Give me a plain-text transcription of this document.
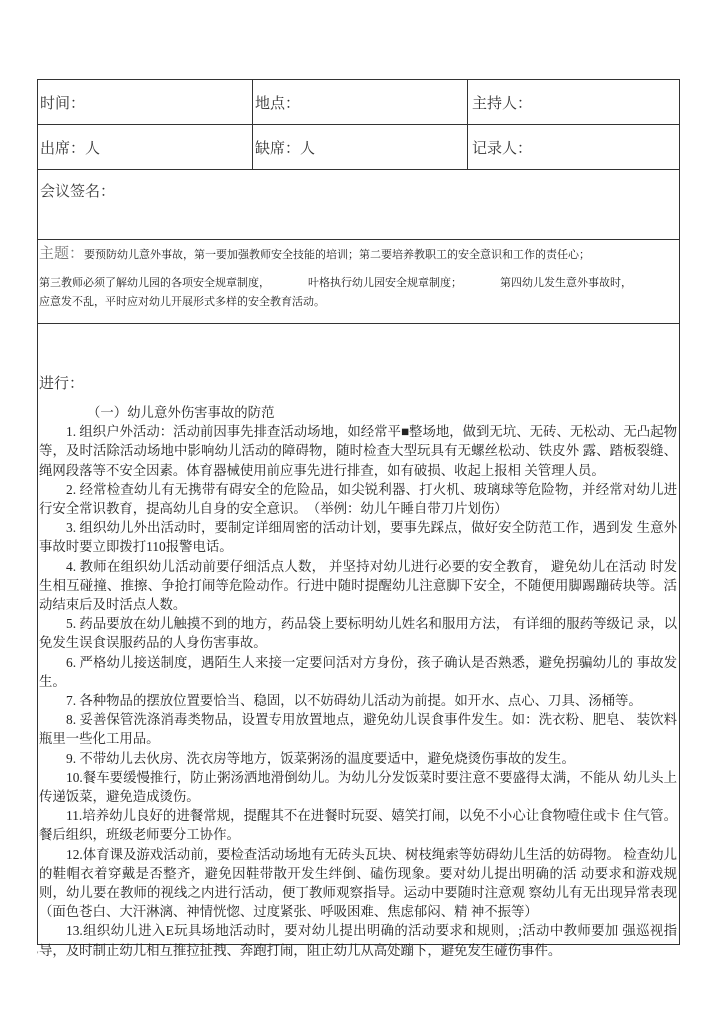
时间：	地点：	主持人：
出席：人	缺席：人	记录人：
会议签名：

主题：要预防幼儿意外事故，第一要加强教师安全技能的培训；第二要培养教职工的安全意识和工作的责任心；

第三教师必须了解幼儿园的各项安全规章制度，	叶格执行幼儿园安全规章制度；	第四幼儿发生意外事故时，应意发不乱，平时应对幼儿开展形式多样的安全教育活动。

进行：

（一）幼儿意外伤害事故的防范

1. 组织户外活动：活动前因事先排查活动场地，如经常平■整场地，做到无坑、无砖、无松动、无凸起物等，及时活除活动场地中影响幼儿活动的障碍物，随时检查大型玩具有无螺丝松动、铁皮外 露、踏板裂缝、绳网段落等不安全因素。体育器械使用前应事先进行排查，如有破损、收起上报相 关管理人员。

2. 经常检查幼儿有无携带有碍安全的危险品，如尖锐利器、打火机、玻璃球等危险物，并经常对幼儿进行安全常识教育，提高幼儿自身的安全意识。　（举例：幼儿午睡自带刀片划伤）

3. 组织幼儿外出活动时，要制定详细周密的活动计划，要事先踩点，做好安全防范工作，遇到发 生意外事故时要立即拨打110报警电话。

4. 教师在组织幼儿活动前要仔细活点人数， 并坚持对幼儿进行必要的安全教育， 避免幼儿在活动 时发生相互碰撞、推擦、争抢打闹等危险动作。行进中随时提醒幼儿注意脚下安全，不随便用脚踢蹦砖块等。活动结束后及时活点人数。

5. 药品要放在幼儿触摸不到的地方，药品袋上要标明幼儿姓名和服用方法， 有详细的服药等级记 录，以免发生误食误服药品的人身伤害事故。

6. 严格幼儿接送制度，遇陌生人来接一定要问活对方身份，孩子确认是否熟悉，避免拐骗幼儿的 事故发生。

7. 各种物品的摆放位置要恰当、稳固，以不妨碍幼儿活动为前提。如开水、点心、刀具、汤桶等。

8. 妥善保管洗涤消毒类物品，设置专用放置地点，避免幼儿误食事件发生。如：洗衣粉、肥皂、 装饮料瓶里一些化工用品。

9. 不带幼儿去伙房、洗衣房等地方，饭菜粥汤的温度要适中，避免烧烫伤事故的发生。

10.餐车要缓慢推行，防止粥汤洒地滑倒幼儿。为幼儿分发饭菜时要注意不要盛得太满，不能从 幼儿头上传递饭菜，避免造成烫伤。

11.培养幼儿良好的进餐常规，提醒其不在进餐时玩耍、嬉笑打闹，以免不小心让食物噎住或卡 住气管。餐后组织，班级老师要分工协作。

12.体育课及游戏活动前，要检查活动场地有无砖头瓦块、树枝绳索等妨碍幼儿生活的妨碍物。 检查幼儿的鞋帽衣着穿戴是否整齐，避免因鞋带散开发生绊倒、磕伤现象。要对幼儿提出明确的活 动要求和游戏规则，幼儿要在教师的视线之内进行活动，便丁教师观察指导。运动中要随时注意观 察幼儿有无出现异常表现（面色苍白、大汗淋漓、神情恍惚、过度紧张、呼吸困难、焦虑郁闷、精 神不振等）

13.组织幼儿进入E玩具场地活动时，要对幼儿提出明确的活动要求和规则，;活动中教师要加 强巡视指导，及时制止幼儿相互推拉扯拽、奔跑打闹，阻止幼儿从高处蹦下，避免发生碰伤事件。

'
